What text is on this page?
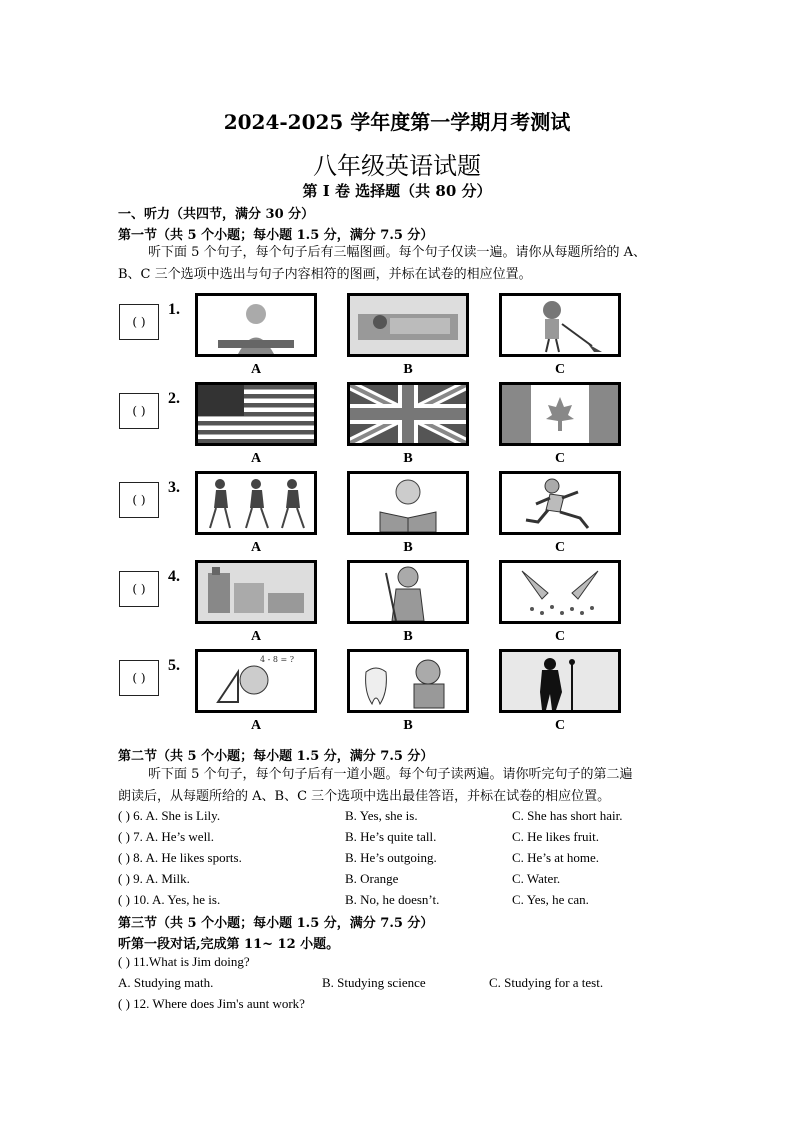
2024-2025 学年度第一学期月考测试
八年级英语试题
第 I 卷 选择题（共 80 分）
一、听力（共四节，满分 30 分）
第一节（共 5 个小题；每小题 1.5 分，满分 7.5 分）
听下面 5 个句子，每个句子后有三幅图画。每个句子仅读一遍。请你从每题所给的 A、
B、C 三个选项中选出与句子内容相符的图画，并标在试卷的相应位置。
( )
1.
A	B	C
( )
2.
A	B	C
( )
3.
A	B	C
( )
4.
A	B	C
( )
5.	4 - 8 = ?
A	B	C
第二节（共 5 个小题；每小题 1.5 分，满分 7.5 分）
听下面 5 个句子，每个句子后有一道小题。每个句子读两遍。请你听完句子的第二遍
朗读后，从每题所给的 A、B、C 三个选项中选出最佳答语，并标在试卷的相应位置。
( ) 6. A. She is Lily.	B. Yes, she is.	C. She has short hair.
( ) 7. A. He’s well.	B. He’s quite tall.	C. He likes fruit.
( ) 8. A. He likes sports.	B. He’s outgoing.	C. He’s at home.
( ) 9. A. Milk.	B. Orange	C. Water.
( ) 10. A. Yes, he is.	B. No, he doesn’t.	C. Yes, he can.
第三节（共 5 个小题；每小题 1.5 分，满分 7.5 分）
听第一段对话,完成第 11~ 12 小题。
( ) 11.What is Jim doing?
A. Studying math.	B. Studying science	C. Studying for a test.
( ) 12. Where does Jim's aunt work?
